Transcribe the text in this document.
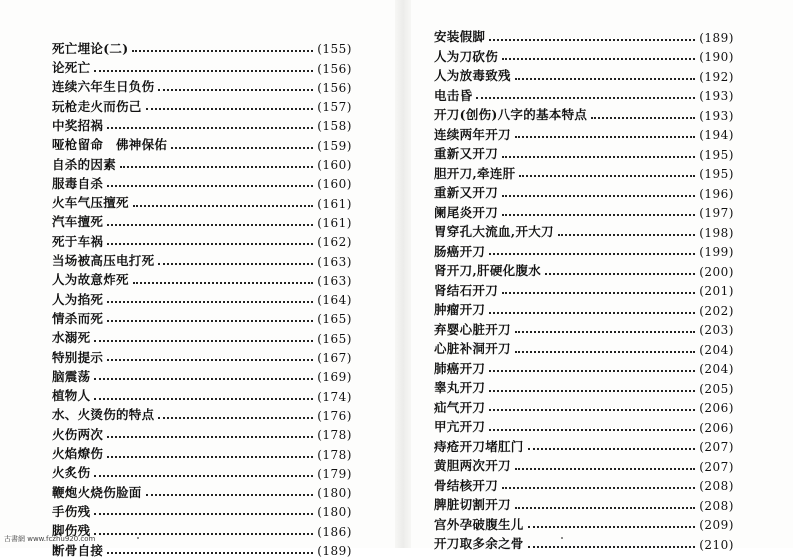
死亡埋论(二)	(155)
论死亡	(156)
连续六年生日负伤	(156)
玩枪走火而伤己	(157)
中奖招祸	(158)
哑枪留命　佛神保佑	(159)
自杀的因素	(160)
服毒自杀	(160)
火车气压擅死	(161)
汽车擅死	(161)
死于车祸	(162)
当场被高压电打死	(163)
人为故意炸死	(163)
人为掐死	(164)
情杀而死	(165)
水溺死	(165)
特别提示	(167)
脑震荡	(169)
植物人	(174)
水、火烫伤的特点	(176)
火伤两次	(178)
火焰燎伤	(178)
火炙伤	(179)
鞭炮火烧伤脸面	(180)
手伤残	(180)
脚伤残	(186)
断骨自接	(189)
安装假脚	(189)
人为刀砍伤	(190)
人为放毒致残	(192)
电击昏	(193)
开刀(创伤)八字的基本特点	(193)
连续两年开刀	(194)
重新又开刀	(195)
胆开刀,牵连肝	(195)
重新又开刀	(196)
阑尾炎开刀	(197)
胃穿孔大流血,开大刀	(198)
肠癌开刀	(199)
肾开刀,肝硬化腹水	(200)
肾结石开刀	(201)
肿瘤开刀	(202)
弃婴心脏开刀	(203)
心脏补洞开刀	(204)
肺癌开刀	(204)
睾丸开刀	(205)
疝气开刀	(206)
甲亢开刀	(206)
痔疮开刀堵肛门	(207)
黄胆两次开刀	(207)
骨结核开刀	(208)
脾脏切割开刀	(208)
宫外孕破腹生儿	(209)
开刀取多余之骨	(210)
古書網 www.fczhu920.com
